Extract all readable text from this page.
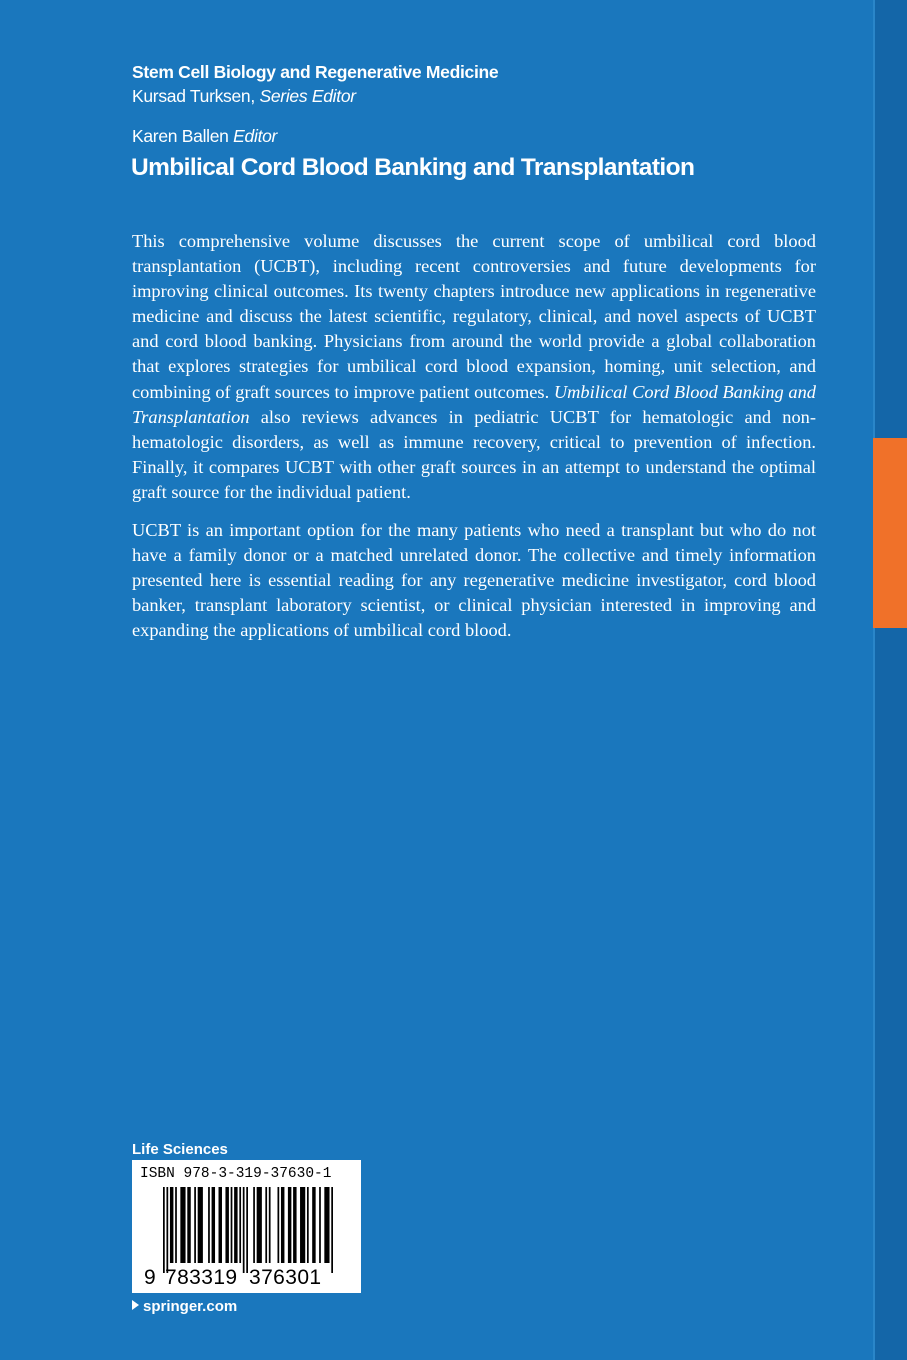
Stem Cell Biology and Regenerative Medicine
Kursad Turksen, Series Editor
Karen Ballen Editor
Umbilical Cord Blood Banking and Transplantation

This comprehensive volume discusses the current scope of umbilical cord blood transplantation (UCBT), including recent controversies and future developments for improving clinical outcomes. Its twenty chapters introduce new applications in regenerative medicine and discuss the latest scientific, regulatory, clinical, and novel aspects of UCBT and cord blood banking. Physicians from around the world provide a global collaboration that explores strategies for umbilical cord blood expansion, homing, unit selection, and combining of graft sources to improve patient outcomes. Umbilical Cord Blood Banking and Transplantation also reviews advances in pediatric UCBT for hematologic and non-hematologic disorders, as well as immune recovery, critical to prevention of infection. Finally, it compares UCBT with other graft sources in an attempt to understand the optimal graft source for the individual patient.

UCBT is an important option for the many patients who need a transplant but who do not have a family donor or a matched unrelated donor. The collective and timely information presented here is essential reading for any regenerative medicine investigator, cord blood banker, transplant laboratory scientist, or clinical physician interested in improving and expanding the applications of umbilical cord blood.

Life Sciences
ISBN 978-3-319-37630-1
9 783319 376301
springer.com
